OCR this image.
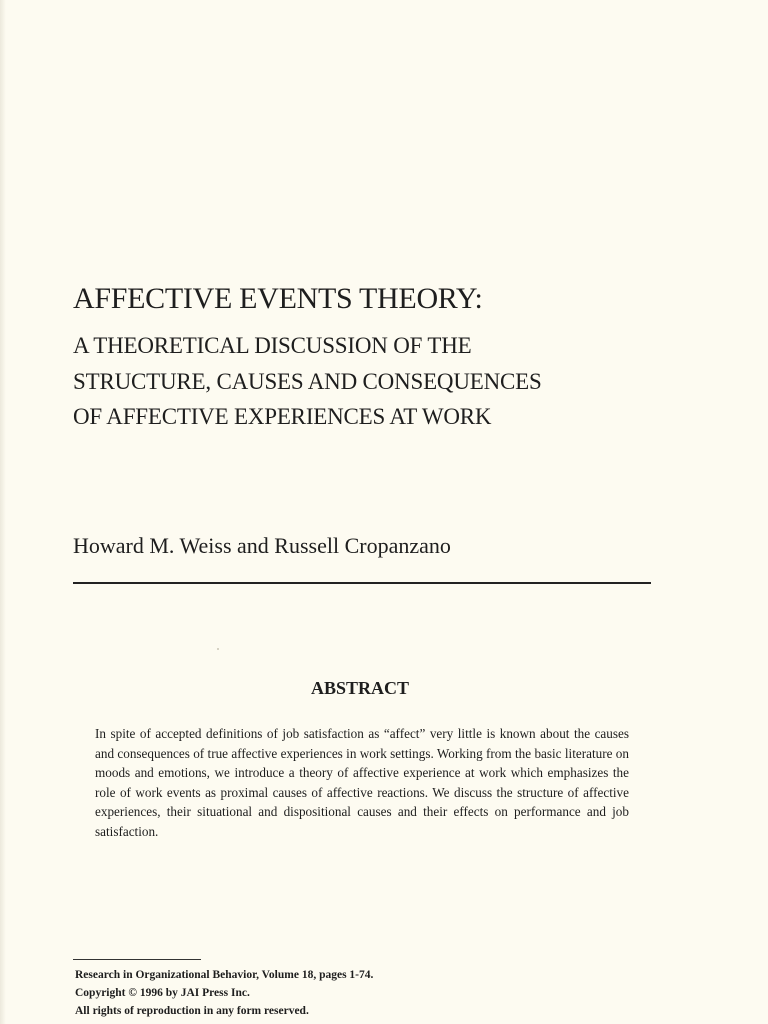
AFFECTIVE EVENTS THEORY:
A THEORETICAL DISCUSSION OF THE
STRUCTURE, CAUSES AND CONSEQUENCES
OF AFFECTIVE EXPERIENCES AT WORK

Howard M. Weiss and Russell Cropanzano

ABSTRACT

In spite of accepted definitions of job satisfaction as “affect” very little is known about the causes and consequences of true affective experiences in work settings. Working from the basic literature on moods and emotions, we introduce a theory of affective experience at work which emphasizes the role of work events as proximal causes of affective reactions. We discuss the structure of affective experiences, their situational and dispositional causes and their effects on performance and job satisfaction.

Research in Organizational Behavior, Volume 18, pages 1-74.

Copyright © 1996 by JAI Press Inc.

All rights of reproduction in any form reserved.
